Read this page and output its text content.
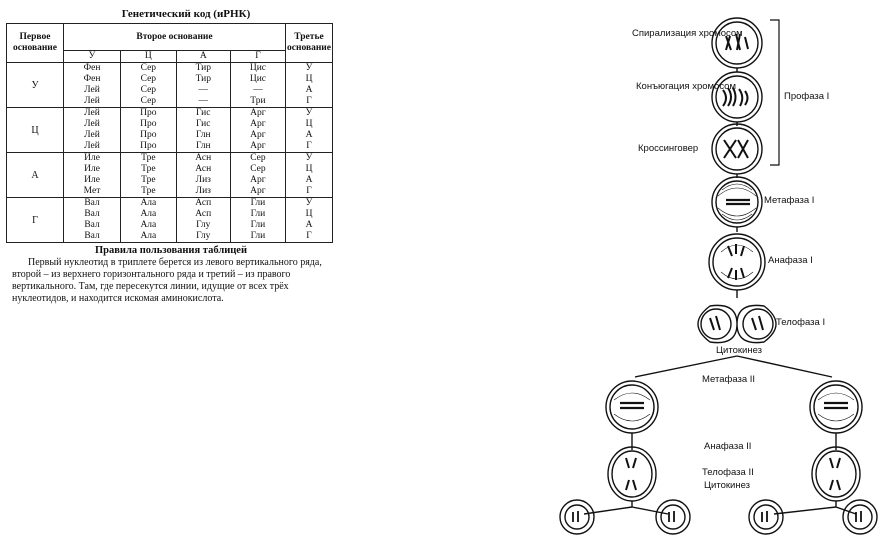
Генетический код (иРНК)
Первое основание	Второе основание				Третье основание
	У	Ц	А	Г	
У	Фен	Сер	Тир	Цис	У
	Фен	Сер	Тир	Цис	Ц
	Лей	Сер	—	—	А
	Лей	Сер	—	Три	Г
Ц	Лей	Про	Гис	Арг	У
	Лей	Про	Гис	Арг	Ц
	Лей	Про	Глн	Арг	А
	Лей	Про	Глн	Арг	Г
А	Иле	Тре	Асн	Сер	У
	Иле	Тре	Асн	Сер	Ц
	Иле	Тре	Лиз	Арг	А
	Мет	Тре	Лиз	Арг	Г
Г	Вал	Ала	Асп	Гли	У
	Вал	Ала	Асп	Гли	Ц
	Вал	Ала	Глу	Гли	А
	Вал	Ала	Глу	Гли	Г
Правила пользования таблицей

Первый нуклеотид в триплете берется из левого вертикального ряда, второй – из верхнего горизонтального ряда и третий – из правого вертикального. Там, где пересекутся линии, идущие от всех трёх нуклеотидов, и находится искомая аминокислота.

Спирализация хромосом
Конъюгация хромосом
Кроссинговер
Профаза I
Метафаза I
Анафаза I
Телофаза I
Цитокинез
Метафаза II
Анафаза II
Телофаза II
Цитокинез
